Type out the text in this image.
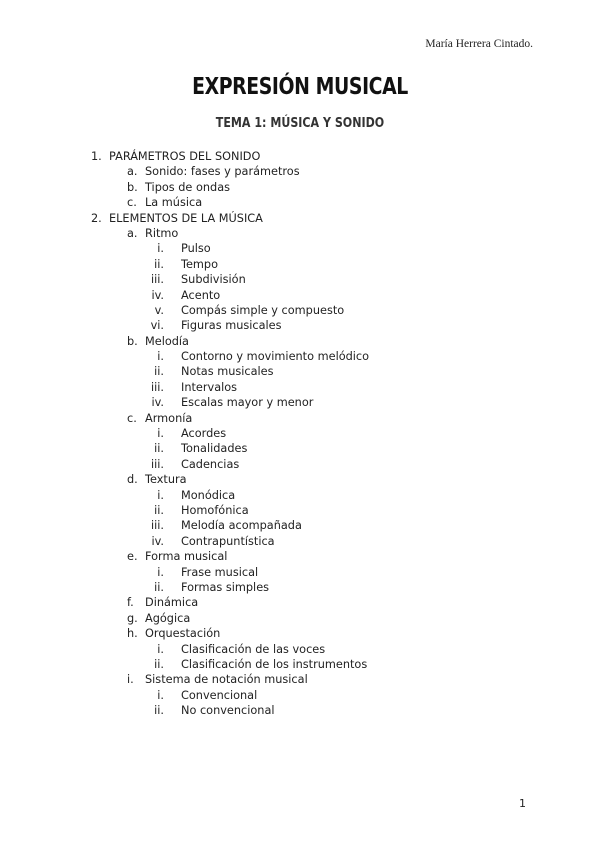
María Herrera Cintado.
EXPRESIÓN MUSICAL
TEMA 1: MÚSICA Y SONIDO
1. PARÁMETROS DEL SONIDO
a. Sonido: fases y parámetros
b. Tipos de ondas
c. La música
2. ELEMENTOS DE LA MÚSICA
a. Ritmo
i. Pulso
ii. Tempo
iii. Subdivisión
iv. Acento
v. Compás simple y compuesto
vi. Figuras musicales
b. Melodía
i. Contorno y movimiento melódico
ii. Notas musicales
iii. Intervalos
iv. Escalas mayor y menor
c. Armonía
i. Acordes
ii. Tonalidades
iii. Cadencias
d. Textura
i. Monódica
ii. Homofónica
iii. Melodía acompañada
iv. Contrapuntística
e. Forma musical
i. Frase musical
ii. Formas simples
f. Dinámica
g. Agógica
h. Orquestación
i. Clasificación de las voces
ii. Clasificación de los instrumentos
i. Sistema de notación musical
i. Convencional
ii. No convencional
1
